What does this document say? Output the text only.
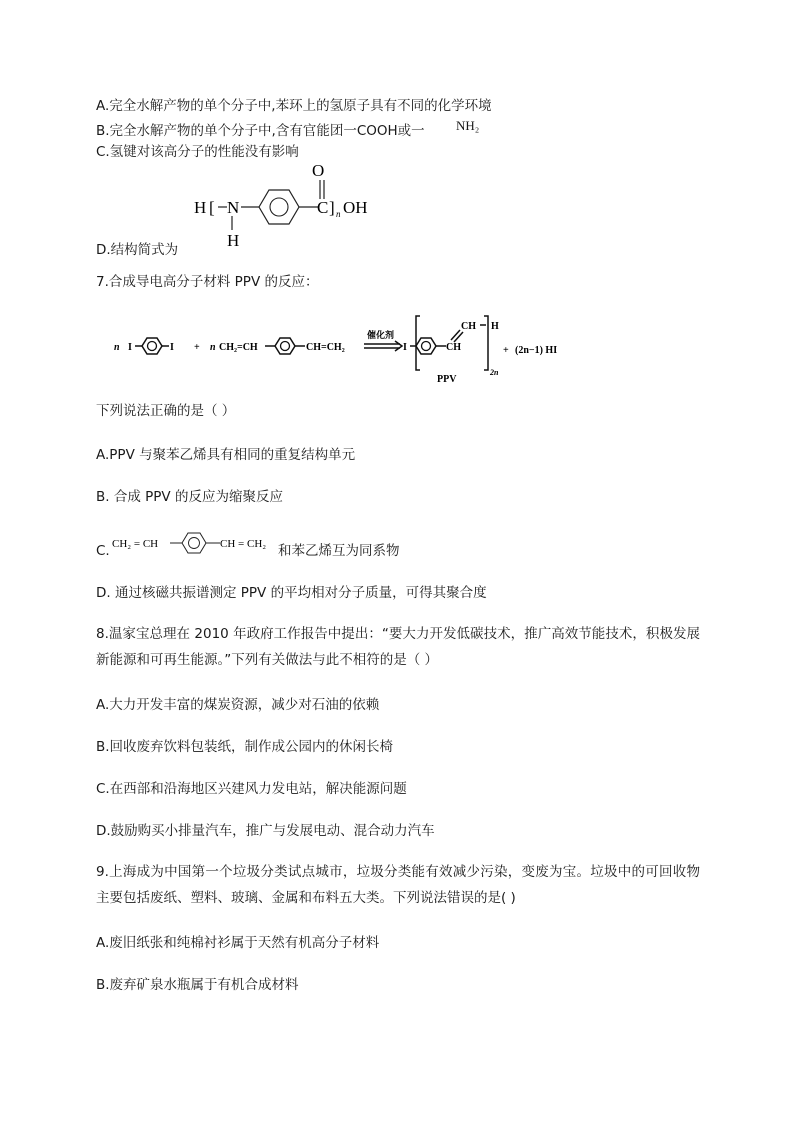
A.完全水解产物的单个分子中,苯环上的氢原子具有不同的化学环境
B.完全水解产物的单个分子中,含有官能团一COOH或一 NH₂
C.氢键对该高分子的性能没有影响
D.结构简式为
H [ N
H
O
C ] n OH
7.合成导电高分子材料 PPV 的反应：
n I	I + n CH₂ =CH	CH=CH₂
催化剂
I	CH
CH H
2n
+ (2n−1) HI
PPV
下列说法正确的是（ ）
A.PPV 与聚苯乙烯具有相同的重复结构单元
B. 合成 PPV 的反应为缩聚反应
C. CH₂ = CH	CH = CH₂ 和苯乙烯互为同系物
D. 通过核磁共振谱测定 PPV 的平均相对分子质量，可得其聚合度
8.温家宝总理在 2010 年政府工作报告中提出：“要大力开发低碳技术，推广高效节能技术，积极发展新能源和可再生能源。”下列有关做法与此不相符的是（ ）
A.大力开发丰富的煤炭资源，减少对石油的依赖
B.回收废弃饮料包装纸，制作成公园内的休闲长椅
C.在西部和沿海地区兴建风力发电站，解决能源问题
D.鼓励购买小排量汽车，推广与发展电动、混合动力汽车
9.上海成为中国第一个垃圾分类试点城市，垃圾分类能有效减少污染，变废为宝。垃圾中的可回收物主要包括废纸、塑料、玻璃、金属和布料五大类。下列说法错误的是( )
A.废旧纸张和纯棉衬衫属于天然有机高分子材料
B.废弃矿泉水瓶属于有机合成材料
